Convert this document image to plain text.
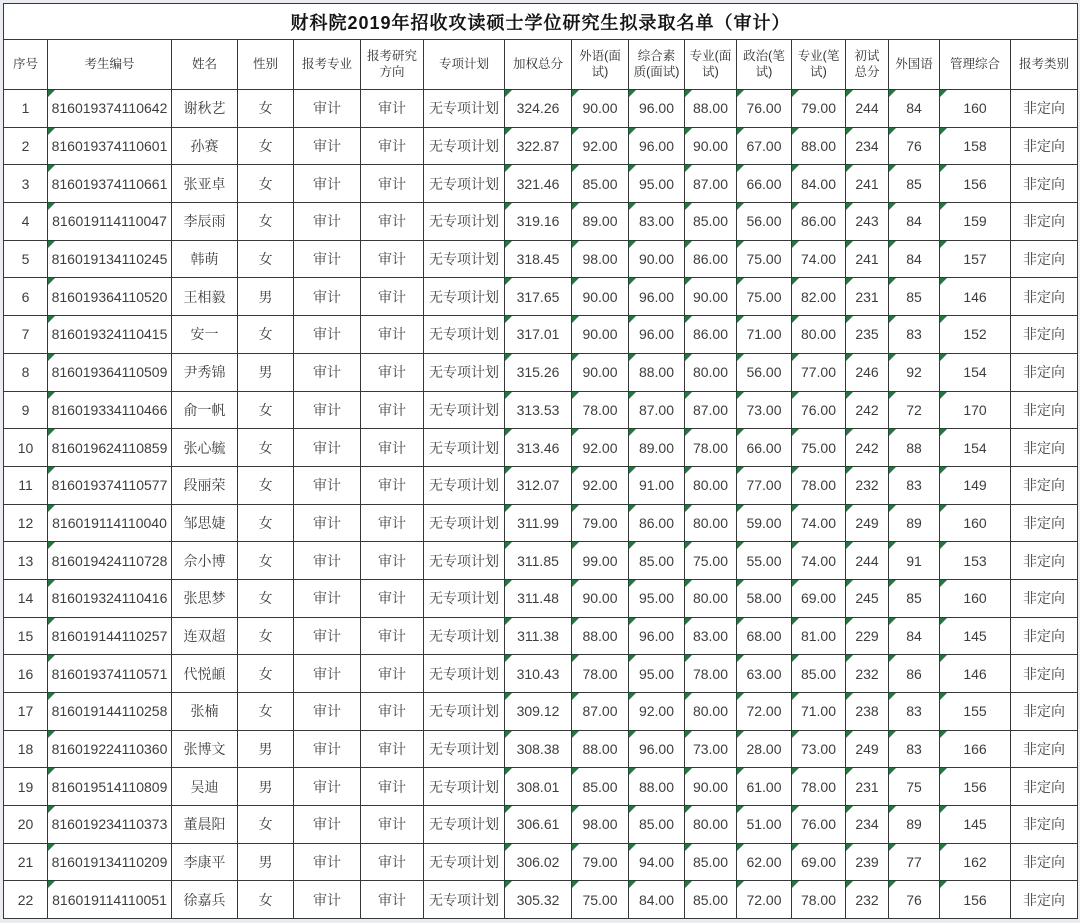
财科院2019年招收攻读硕士学位研究生拟录取名单（审计）																
序号	考生编号	姓名	性别	报考专业	报考研究方向	专项计划	加权总分	外语(面试)	综合素质(面试)	专业(面试)	政治(笔试)	专业(笔试)	初试总分	外国语	管理综合	报考类别
1	816019374110642	谢秋艺	女	审计	审计	无专项计划	324.26	90.00	96.00	88.00	76.00	79.00	244	84	160	非定向
2	816019374110601	孙赛	女	审计	审计	无专项计划	322.87	92.00	96.00	90.00	67.00	88.00	234	76	158	非定向
3	816019374110661	张亚卓	女	审计	审计	无专项计划	321.46	85.00	95.00	87.00	66.00	84.00	241	85	156	非定向
4	816019114110047	李辰雨	女	审计	审计	无专项计划	319.16	89.00	83.00	85.00	56.00	86.00	243	84	159	非定向
5	816019134110245	韩萌	女	审计	审计	无专项计划	318.45	98.00	90.00	86.00	75.00	74.00	241	84	157	非定向
6	816019364110520	王相毅	男	审计	审计	无专项计划	317.65	90.00	96.00	90.00	75.00	82.00	231	85	146	非定向
7	816019324110415	安一	女	审计	审计	无专项计划	317.01	90.00	96.00	86.00	71.00	80.00	235	83	152	非定向
8	816019364110509	尹秀锦	男	审计	审计	无专项计划	315.26	90.00	88.00	80.00	56.00	77.00	246	92	154	非定向
9	816019334110466	俞一帆	女	审计	审计	无专项计划	313.53	78.00	87.00	87.00	73.00	76.00	242	72	170	非定向
10	816019624110859	张心毓	女	审计	审计	无专项计划	313.46	92.00	89.00	78.00	66.00	75.00	242	88	154	非定向
11	816019374110577	段丽荣	女	审计	审计	无专项计划	312.07	92.00	91.00	80.00	77.00	78.00	232	83	149	非定向
12	816019114110040	邹思婕	女	审计	审计	无专项计划	311.99	79.00	86.00	80.00	59.00	74.00	249	89	160	非定向
13	816019424110728	佘小博	女	审计	审计	无专项计划	311.85	99.00	85.00	75.00	55.00	74.00	244	91	153	非定向
14	816019324110416	张思梦	女	审计	审计	无专项计划	311.48	90.00	95.00	80.00	58.00	69.00	245	85	160	非定向
15	816019144110257	连双超	女	审计	审计	无专项计划	311.38	88.00	96.00	83.00	68.00	81.00	229	84	145	非定向
16	816019374110571	代悦頔	女	审计	审计	无专项计划	310.43	78.00	95.00	78.00	63.00	85.00	232	86	146	非定向
17	816019144110258	张楠	女	审计	审计	无专项计划	309.12	87.00	92.00	80.00	72.00	71.00	238	83	155	非定向
18	816019224110360	张博文	男	审计	审计	无专项计划	308.38	88.00	96.00	73.00	28.00	73.00	249	83	166	非定向
19	816019514110809	吴迪	男	审计	审计	无专项计划	308.01	85.00	88.00	90.00	61.00	78.00	231	75	156	非定向
20	816019234110373	董晨阳	女	审计	审计	无专项计划	306.61	98.00	85.00	80.00	51.00	76.00	234	89	145	非定向
21	816019134110209	李康平	男	审计	审计	无专项计划	306.02	79.00	94.00	85.00	62.00	69.00	239	77	162	非定向
22	816019114110051	徐嘉兵	女	审计	审计	无专项计划	305.32	75.00	84.00	85.00	72.00	78.00	232	76	156	非定向
